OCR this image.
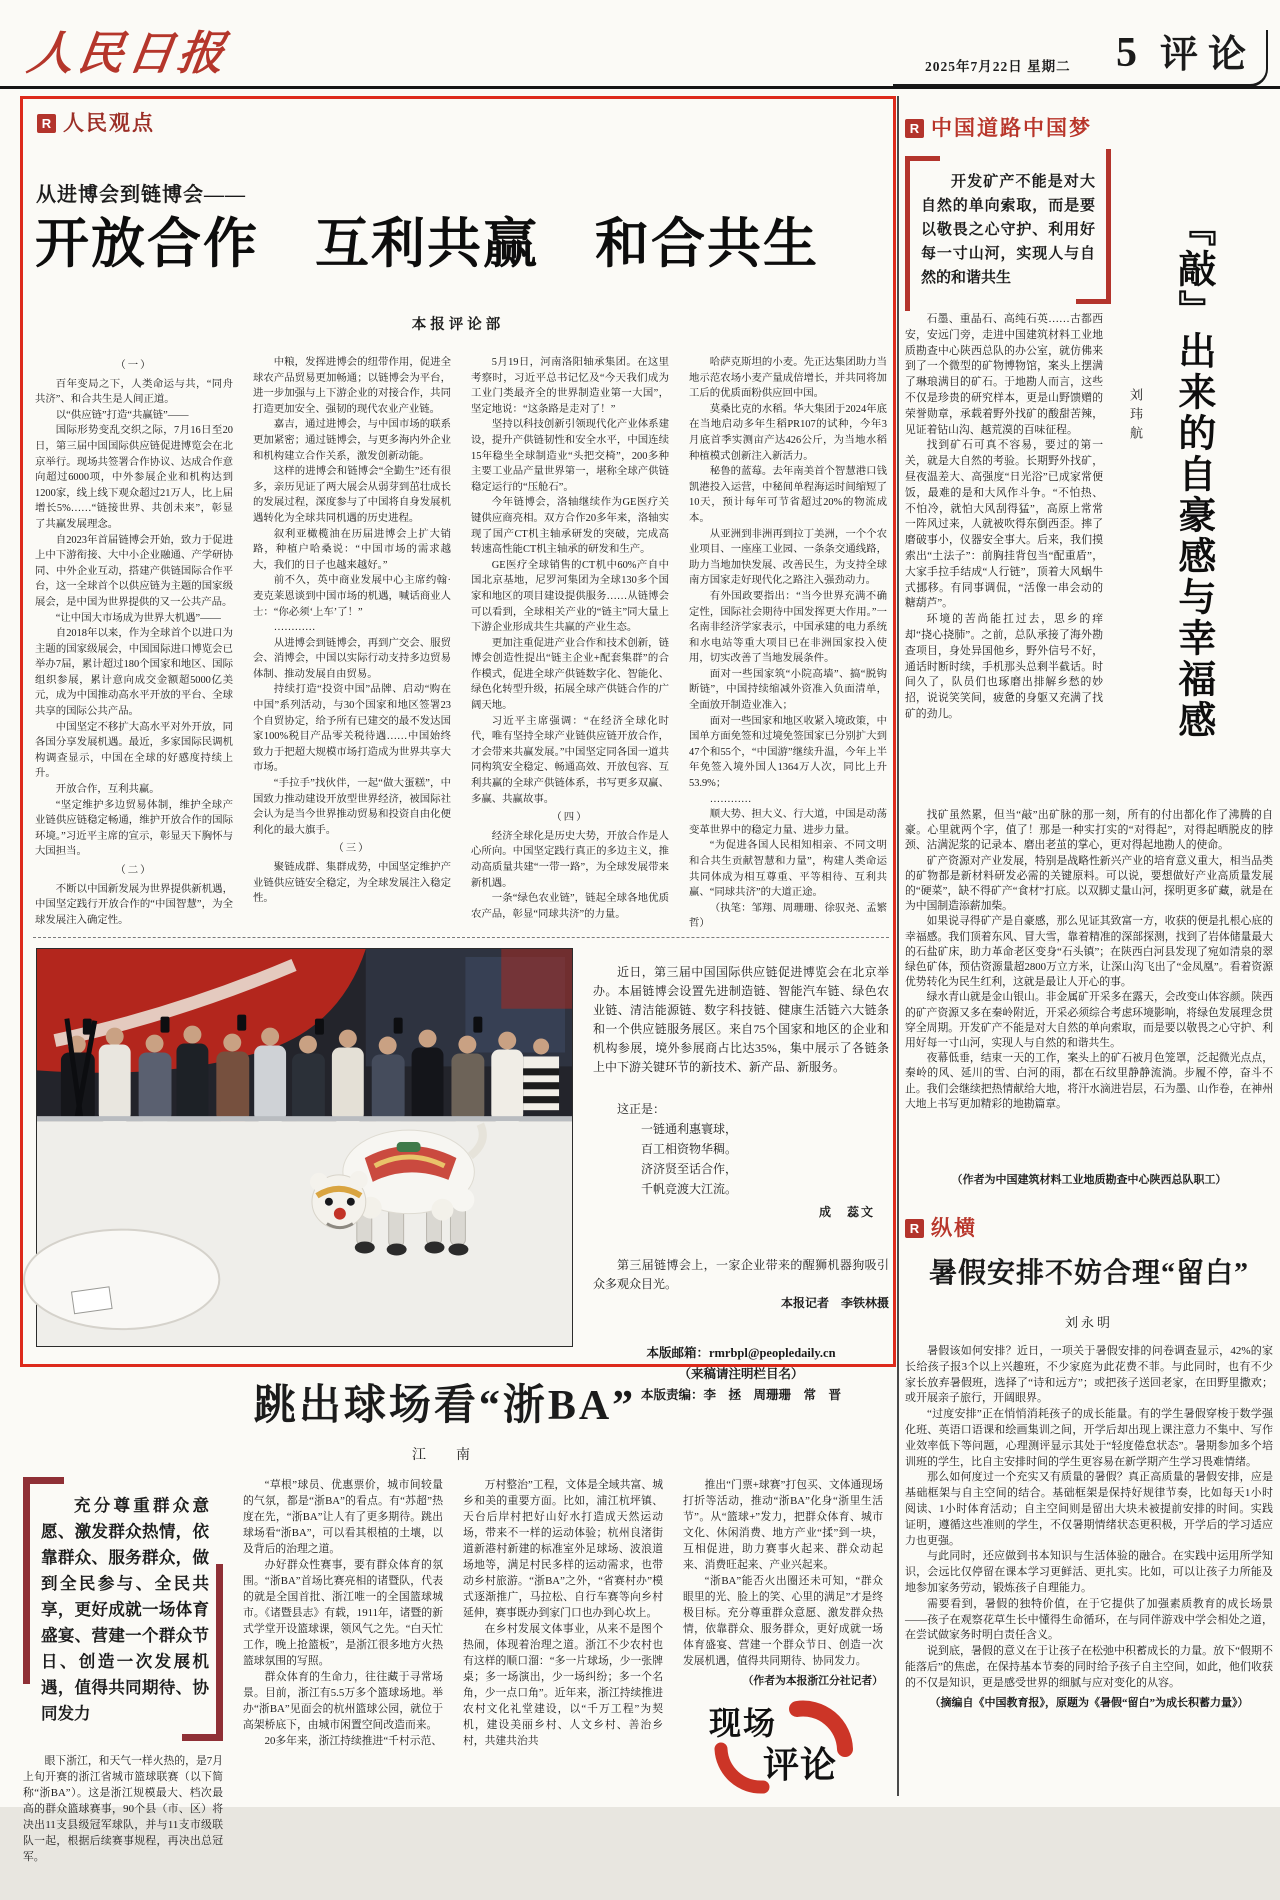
人民日报	2025年7月22日 星期二 5 评论
R 人民观点
从进博会到链博会——
开放合作　互利共赢　和合共生
本报评论部

（一）

百年变局之下，人类命运与共，“同舟共济”、和合共生是人间正道。

以“供应链”打造“共赢链”——

国际形势变乱交织之际，7月16日至20日，第三届中国国际供应链促进博览会在北京举行。现场共签署合作协议、达成合作意向超过6000项，中外参展企业和机构达到1200家，线上线下观众超过21万人，比上届增长5%……“链接世界、共创未来”，彰显了共赢发展理念。

自2023年首届链博会开始，致力于促进上中下游衔接、大中小企业融通、产学研协同、中外企业互动，搭建产供链国际合作平台，这一全球首个以供应链为主题的国家级展会，是中国为世界提供的又一公共产品。

“让中国大市场成为世界大机遇”——

自2018年以来，作为全球首个以进口为主题的国家级展会，中国国际进口博览会已举办7届，累计超过180个国家和地区、国际组织参展，累计意向成交金额超5000亿美元，成为中国推动高水平开放的平台、全球共享的国际公共产品。

中国坚定不移扩大高水平对外开放，同各国分享发展机遇。最近，多家国际民调机构调查显示，中国在全球的好感度持续上升。

开放合作，互利共赢。

“坚定维护多边贸易体制，维护全球产业链供应链稳定畅通，维护开放合作的国际环境。”习近平主席的宣示，彰显天下胸怀与大国担当。

（二）

不断以中国新发展为世界提供新机遇，中国坚定践行开放合作的“中国智慧”，为全球发展注入确定性。

中粮，发挥进博会的纽带作用，促进全球农产品贸易更加畅通；以链博会为平台，进一步加强与上下游企业的对接合作，共同打造更加安全、强韧的现代农业产业链。

嘉吉，通过进博会，与中国市场的联系更加紧密；通过链博会，与更多海内外企业和机构建立合作关系，激发创新动能。

这样的进博会和链博会“全勤生”还有很多，亲历见证了两大展会从弱芽到茁壮成长的发展过程，深度参与了中国将自身发展机遇转化为全球共同机遇的历史进程。

叙利亚橄榄油在历届进博会上扩大销路，种植户哈桑说：“中国市场的需求越大，我们的日子也越来越好。”

前不久，英中商业发展中心主席约翰·麦克莱恩谈到中国市场的机遇，喊话商业人士：“你必须‘上车’了！”

…………

从进博会到链博会，再到广交会、服贸会、消博会，中国以实际行动支持多边贸易体制、推动发展自由贸易。

持续打造“投资中国”品牌、启动“购在中国”系列活动，与30个国家和地区签署23个自贸协定，给予所有已建交的最不发达国家100%税目产品零关税待遇……中国始终致力于把超大规模市场打造成为世界共享大市场。

“手拉手”找伙伴，一起“做大蛋糕”，中国致力推动建设开放型世界经济，被国际社会认为是当今世界推动贸易和投资自由化便利化的最大旗手。

（三）

聚链成群、集群成势，中国坚定维护产业链供应链安全稳定，为全球发展注入稳定性。

5月19日，河南洛阳轴承集团。在这里考察时，习近平总书记忆及“今天我们成为工业门类最齐全的世界制造业第一大国”，坚定地说：“这条路是走对了！”

坚持以科技创新引领现代化产业体系建设，提升产供链韧性和安全水平，中国连续15年稳坐全球制造业“头把交椅”，200多种主要工业品产量世界第一，堪称全球产供链稳定运行的“压舱石”。

今年链博会，洛轴继续作为GE医疗关键供应商亮相。双方合作20多年来，洛轴实现了国产CT机主轴承研发的突破，完成高转速高性能CT机主轴承的研发和生产。

GE医疗全球销售的CT机中60%产自中国北京基地，尼罗河集团为全球130多个国家和地区的项目建设提供服务……从链博会可以看到，全球相关产业的“链主”同大量上下游企业形成共生共赢的产业生态。

更加注重促进产业合作和技术创新，链博会创造性提出“链主企业+配套集群”的合作模式，促进全球产供链数字化、智能化、绿色化转型升级，拓展全球产供链合作的广阔天地。

习近平主席强调：“在经济全球化时代，唯有坚持全球产业链供应链开放合作，才会带来共赢发展。”中国坚定同各国一道共同构筑安全稳定、畅通高效、开放包容、互利共赢的全球产供链体系，书写更多双赢、多赢、共赢故事。

（四）

经济全球化是历史大势，开放合作是人心所向。中国坚定践行真正的多边主义，推动高质量共建“一带一路”，为全球发展带来新机遇。

一条“绿色农业链”，链起全球各地优质农产品，彰显“同球共济”的力量。

哈萨克斯坦的小麦。先正达集团助力当地示范农场小麦产量成倍增长，并共同将加工后的优质面粉供应回中国。

莫桑比克的水稻。华大集团于2024年底在当地启动多年生稻PR107的试种，今年3月底首季实测亩产达426公斤，为当地水稻种植模式创新注入新活力。

秘鲁的蓝莓。去年南美首个智慧港口钱凯港投入运营，中秘间单程海运时间缩短了10天，预计每年可节省超过20%的物流成本。

从亚洲到非洲再到拉丁美洲，一个个农业项目、一座座工业园、一条条交通线路，助力当地加快发展、改善民生，为支持全球南方国家走好现代化之路注入强劲动力。

有外国政要指出：“当今世界充满不确定性，国际社会期待中国发挥更大作用。”一名南非经济学家表示，中国承建的电力系统和水电站等重大项目已在非洲国家投入使用，切实改善了当地发展条件。

面对一些国家筑“小院高墙”、搞“脱钩断链”，中国持续缩减外资准入负面清单，全面放开制造业准入；

面对一些国家和地区收紧入境政策，中国单方面免签和过境免签国家已分别扩大到47个和55个，“中国游”继续升温，今年上半年免签入境外国人1364万人次，同比上升53.9%；

…………

顺大势、担大义、行大道，中国是动荡变革世界中的稳定力量、进步力量。

“为促进各国人民相知相亲、不同文明和合共生贡献智慧和力量”，构建人类命运共同体成为相互尊重、平等相待、互利共赢、“同球共济”的大道正途。

（执笔：邹翔、周珊珊、徐驭尧、孟繁哲）

近日，第三届中国国际供应链促进博览会在北京举办。本届链博会设置先进制造链、智能汽车链、绿色农业链、清洁能源链、数字科技链、健康生活链六大链条和一个供应链服务展区。来自75个国家和地区的企业和机构参展，境外参展商占比达35%，集中展示了各链条上中下游关键环节的新技术、新产品、新服务。

这正是：

一链通利惠寰球，

百工相资物华稠。

济济贤至话合作，

千帆竞渡大江流。

成　蕊文

第三届链博会上，一家企业带来的醒狮机器狗吸引众多观众目光。

本报记者　李铁林摄

本版邮箱：rmrbpl@peopledaily.cn
（来稿请注明栏目名）
本版责编：李　拯　周珊珊　常　晋
R 中国道路中国梦

开发矿产不能是对大自然的单向索取，而是要以敬畏之心守护、利用好每一寸山河，实现人与自然的和谐共生

石墨、重晶石、高纯石英……古都西安，安远门旁，走进中国建筑材料工业地质勘查中心陕西总队的办公室，就仿佛来到了一个微型的矿物博物馆，案头上摆满了琳琅满目的矿石。于地勘人而言，这些不仅是珍贵的研究样本，更是山野馈赠的荣誉勋章，承载着野外找矿的酸甜苦辣，见证着钻山沟、越荒漠的百味征程。

找到矿石可真不容易，要过的第一关，就是大自然的考验。长期野外找矿，昼夜温差大、高强度“日光浴”已成家常便饭，最难的是和大风作斗争。“不怕热、不怕冷，就怕大风刮得猛”，高原上常常一阵风过来，人就被吹得东倒西歪。摔了磨破事小，仪器安全事大。后来，我们摸索出“土法子”：前胸挂背包当“配重盾”，大家手拉手结成“人行链”，顶着大风蜗牛式挪移。有同事调侃，“活像一串会动的糖葫芦”。

环境的苦尚能扛过去，思乡的痒却“挠心挠肺”。之前，总队承接了海外勘查项目，身处异国他乡，野外信号不好，通话时断时续，手机那头总剩半截话。时间久了，队员们也琢磨出排解乡愁的妙招，说说笑笑间，疲惫的身躯又充满了找矿的劲儿。	『敲』出来的自豪感与幸福感
刘玮航

找矿虽然累，但当“敲”出矿脉的那一刻，所有的付出都化作了沸腾的自豪。心里就两个字，值了！那是一种实打实的“对得起”，对得起晒脱皮的脖颈、沾满泥浆的记录本、磨出老茧的掌心，更对得起地勘人的使命。

矿产资源对产业发展，特别是战略性新兴产业的培育意义重大，相当品类的矿物都是新材料研发必需的关键原料。可以说，要想做好产业高质量发展的“硬菜”，缺不得矿产“食材”打底。以双脚丈量山河，探明更多矿藏，就是在为中国制造添薪加柴。

如果说寻得矿产是自豪感，那么见证其致富一方，收获的便是扎根心底的幸福感。我们顶着东风、冒大雪，靠着精准的深部探测，找到了岩体储量最大的石盐矿床，助力革命老区变身“石头镇”；在陕西白河县发现了宛如清泉的翠绿色矿体，预估资源量超2800万立方米，让深山沟飞出了“金凤凰”。看着资源优势转化为民生红利，这就是最让人开心的事。

绿水青山就是金山银山。非金属矿开采多在露天，会改变山体容颜。陕西的矿产资源又多在秦岭附近，开采必须综合考虑环境影响，将绿色发展理念贯穿全周期。开发矿产不能是对大自然的单向索取，而是要以敬畏之心守护、利用好每一寸山河，实现人与自然的和谐共生。

夜幕低垂，结束一天的工作，案头上的矿石被月色笼罩，泛起微光点点，秦岭的风、延川的雪、白河的雨，都在石纹里静静流淌。步履不停，奋斗不止。我们会继续把热情献给大地，将汗水滴进岩层，石为墨、山作卷，在神州大地上书写更加精彩的地勘篇章。

（作者为中国建筑材料工业地质勘查中心陕西总队职工）
R 纵横
暑假安排不妨合理“留白”
刘永明

暑假该如何安排？近日，一项关于暑假安排的问卷调查显示，42%的家长给孩子报3个以上兴趣班，不少家庭为此花费不菲。与此同时，也有不少家长放弃暑假班，选择了“诗和远方”；或把孩子送回老家，在田野里撒欢；或开展亲子旅行，开阔眼界。

“过度安排”正在悄悄消耗孩子的成长能量。有的学生暑假穿梭于数学强化班、英语口语课和绘画集训之间，开学后却出现上课注意力不集中、写作业效率低下等问题，心理测评显示其处于“轻度倦怠状态”。暑期参加多个培训班的学生，比自主安排时间的学生更容易在新学期产生学习畏难情绪。

那么如何度过一个充实又有质量的暑假？真正高质量的暑假安排，应是基础框架与自主空间的结合。基础框架是保持好规律节奏，比如每天1小时阅读、1小时体育活动；自主空间则是留出大块未被提前安排的时间。实践证明，遵循这些准则的学生，不仅暑期情绪状态更积极，开学后的学习适应力也更强。

与此同时，还应做到书本知识与生活体验的融合。在实践中运用所学知识，会远比仅停留在课本学习更鲜活、更扎实。比如，可以让孩子力所能及地参加家务劳动，锻炼孩子自理能力。

需要看到，暑假的独特价值，在于它提供了加强素质教育的成长场景——孩子在观察花草生长中懂得生命循环，在与同伴游戏中学会相处之道，在尝试做家务时明白责任含义。

说到底，暑假的意义在于让孩子在松弛中积蓄成长的力量。放下“假期不能落后”的焦虑，在保持基本节奏的同时给予孩子自主空间，如此，他们收获的不仅是知识，更是感受世界的细腻与应对变化的从容。

（摘编自《中国教育报》，原题为《暑假“留白”为成长积蓄力量》）

跳出球场看“浙BA”
江　南

充分尊重群众意愿、激发群众热情，依靠群众、服务群众，做到全民参与、全民共享，更好成就一场体育盛宴、营建一个群众节日、创造一次发展机遇，值得共同期待、协同发力

眼下浙江，和天气一样火热的，是7月上旬开赛的浙江省城市篮球联赛（以下简称“浙BA”）。这是浙江规模最大、档次最高的群众篮球赛事，90个县（市、区）将决出11支县级冠军球队，并与11支市级联队一起，根据后续赛事规程，再决出总冠军。

“草根”球员、优惠票价，城市间较量的气氛，都是“浙BA”的看点。有“苏超”热度在先，“浙BA”让人有了更多期待。跳出球场看“浙BA”，可以看其根植的土壤，以及背后的治理之道。

办好群众性赛事，要有群众体育的氛围。“浙BA”首场比赛亮相的诸暨队，代表的就是全国首批、浙江唯一的全国篮球城市。《诸暨县志》有载，1911年，诸暨的新式学堂开设篮球课，领风气之先。“白天忙工作，晚上抢篮板”，是浙江很多地方火热篮球氛围的写照。

群众体育的生命力，往往藏于寻常场景。目前，浙江有5.5万多个篮球场地。举办“浙BA”见面会的杭州篮球公园，就位于高架桥底下，由城市闲置空间改造而来。

20多年来，浙江持续推进“千村示范、

万村整治”工程，文体是全域共富、城乡和美的重要方面。比如，浦江杭坪镇、天台后岸村把好山好水打造成天然运动场，带来不一样的运动体验；杭州良渚街道新港村新建的标准室外足球场、波浪道场地等，满足村民多样的运动需求，也带动乡村旅游。“浙BA”之外，“省赛村办”模式逐渐推广，马拉松、自行车赛等向乡村延伸，赛事既办到家门口也办到心坎上。

在乡村发展文体事业，从来不是图个热闹，体现着治理之道。浙江不少农村也有这样的顺口溜：“多一片球场，少一张牌桌；多一场演出，少一场纠纷；多一个名角，少一点口角”。近年来，浙江持续推进农村文化礼堂建设，以“千万工程”为契机，建设美丽乡村、人文乡村、善治乡村，共建共治共

推出“门票+球赛”打包买、文体通现场打折等活动，推动“浙BA”化身“浙里生活节”。从“篮球+”发力，把群众体育、城市文化、休闲消费、地方产业“揉”到一块，互相促进，助力赛事火起来、群众动起来、消费旺起来、产业兴起来。

“浙BA”能否火出圈还未可知，“群众眼里的光、脸上的笑、心里的满足”才是终极目标。充分尊重群众意愿、激发群众热情，依靠群众、服务群众，更好成就一场体育盛宴、营建一个群众节日、创造一次发展机遇，值得共同期待、协同发力。

（作者为本报浙江分社记者）

现场
评论
